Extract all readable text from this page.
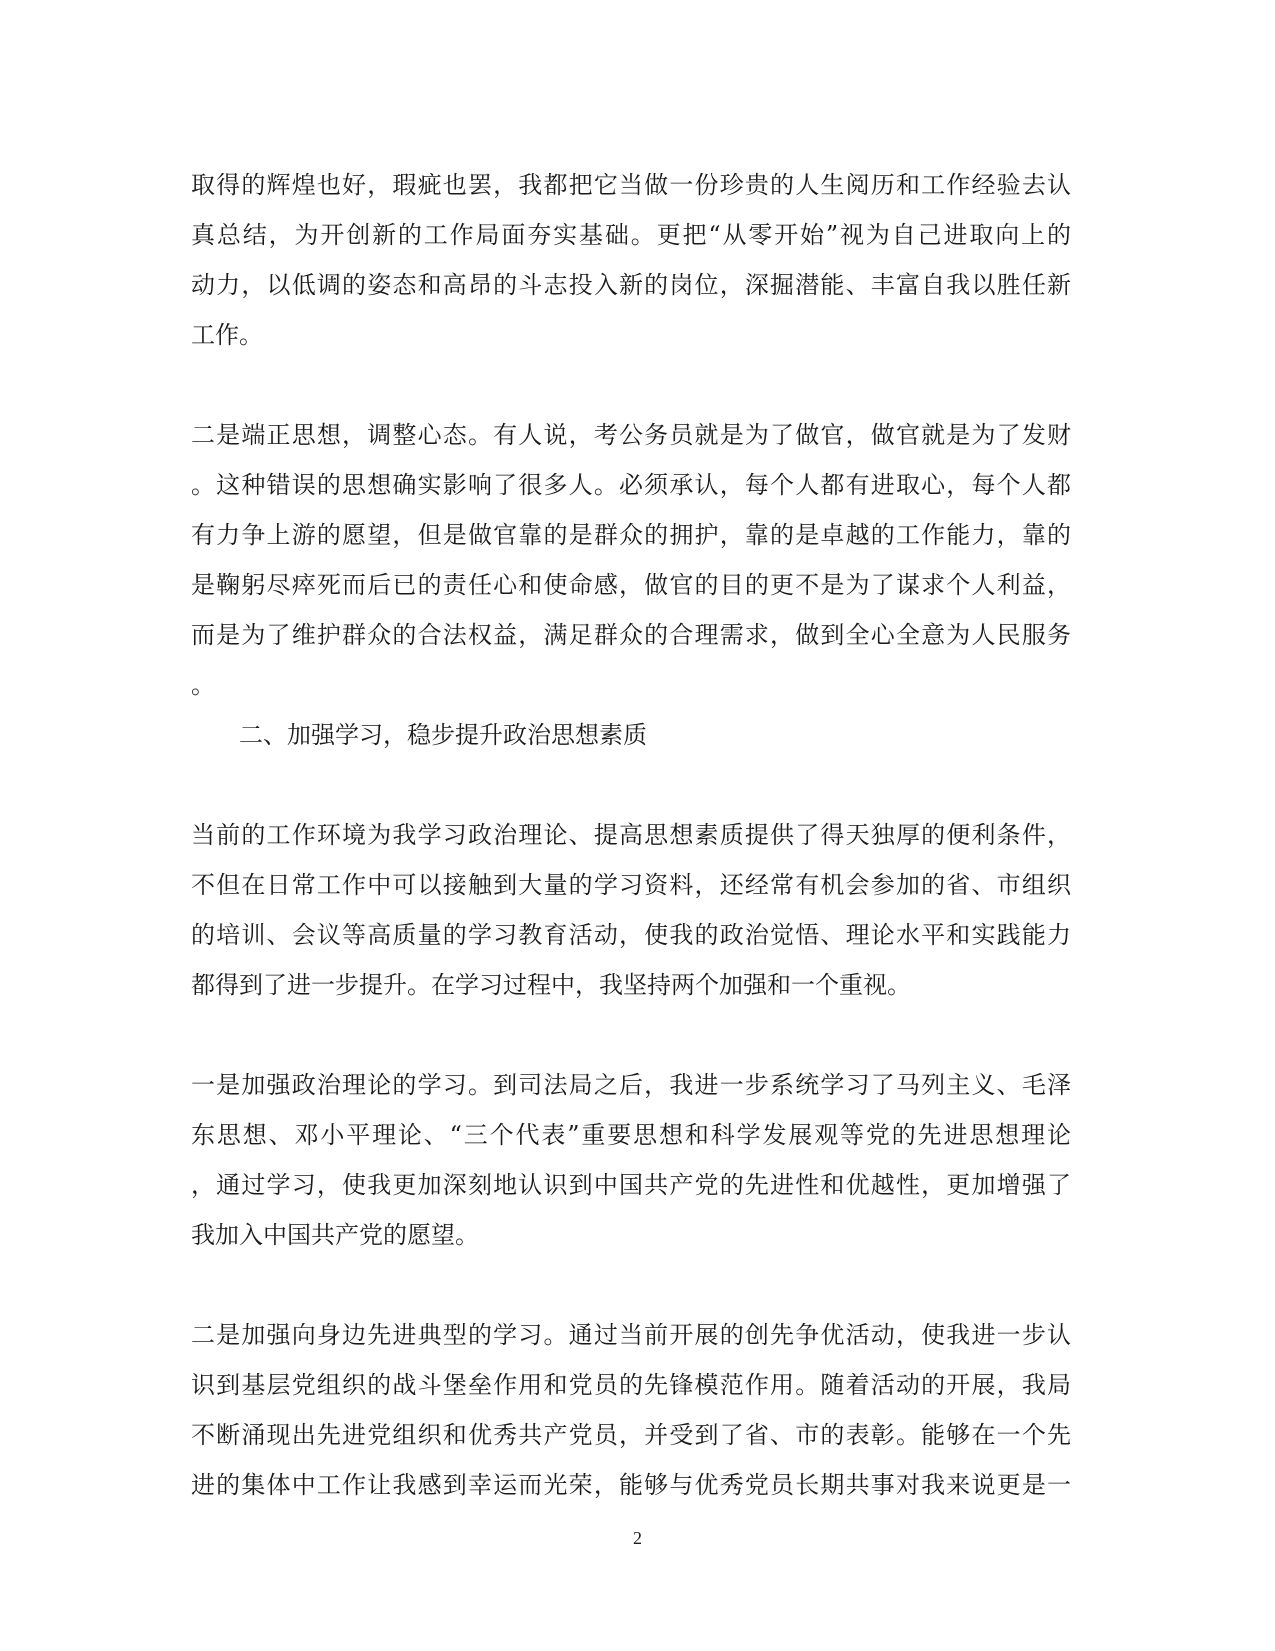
取得的辉煌也好，瑕疵也罢，我都把它当做一份珍贵的人生阅历和工作经验去认
真总结，为开创新的工作局面夯实基础。更把“从零开始”视为自己进取向上的
动力，以低调的姿态和高昂的斗志投入新的岗位，深掘潜能、丰富自我以胜任新
工作。
二是端正思想，调整心态。有人说，考公务员就是为了做官，做官就是为了发财
。这种错误的思想确实影响了很多人。必须承认，每个人都有进取心，每个人都
有力争上游的愿望，但是做官靠的是群众的拥护，靠的是卓越的工作能力，靠的
是鞠躬尽瘁死而后已的责任心和使命感，做官的目的更不是为了谋求个人利益，
而是为了维护群众的合法权益，满足群众的合理需求，做到全心全意为人民服务
。
二、加强学习，稳步提升政治思想素质
当前的工作环境为我学习政治理论、提高思想素质提供了得天独厚的便利条件，
不但在日常工作中可以接触到大量的学习资料，还经常有机会参加的省、市组织
的培训、会议等高质量的学习教育活动，使我的政治觉悟、理论水平和实践能力
都得到了进一步提升。在学习过程中，我坚持两个加强和一个重视。
一是加强政治理论的学习。到司法局之后，我进一步系统学习了马列主义、毛泽
东思想、邓小平理论、“三个代表”重要思想和科学发展观等党的先进思想理论
，通过学习，使我更加深刻地认识到中国共产党的先进性和优越性，更加增强了
我加入中国共产党的愿望。
二是加强向身边先进典型的学习。通过当前开展的创先争优活动，使我进一步认
识到基层党组织的战斗堡垒作用和党员的先锋模范作用。随着活动的开展，我局
不断涌现出先进党组织和优秀共产党员，并受到了省、市的表彰。能够在一个先
进的集体中工作让我感到幸运而光荣，能够与优秀党员长期共事对我来说更是一
2
